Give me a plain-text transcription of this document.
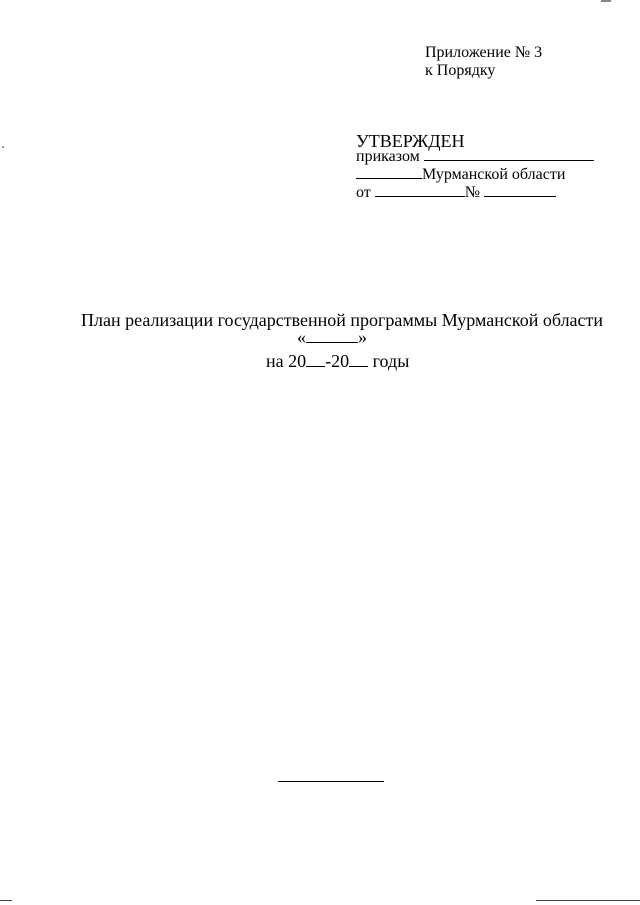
Приложение № 3
к Порядку
УТВЕРЖДЕН
приказом
Мурманской области
от	№
План реализации государственной программы Мурманской области
«	»
на 20 -20 годы
